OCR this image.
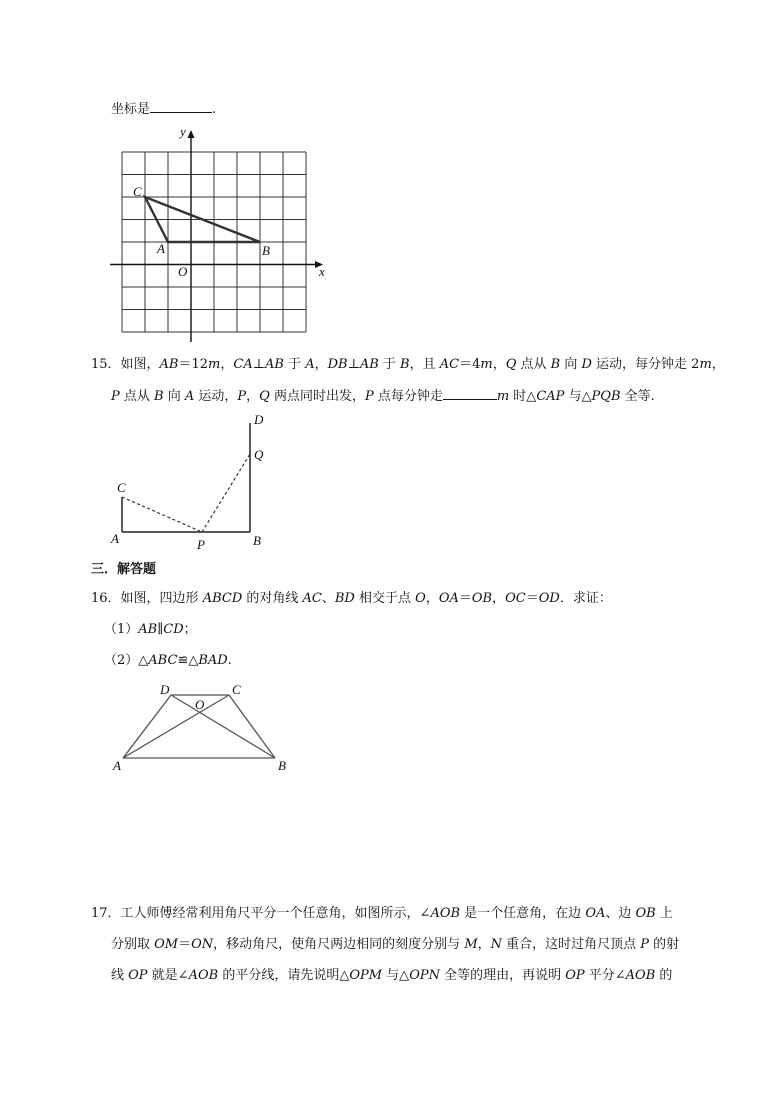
坐标是	.
y
x
O
A	B
C
15．如图，AB＝12m，CA⊥AB 于 A，DB⊥AB 于 B，且 AC＝4m，Q 点从 B 向 D 运动，每分钟走 2m，
P 点从 B 向 A 运动，P，Q 两点同时出发，P 点每分钟走	m 时△CAP 与△PQB 全等.
D
Q
C
A	P	B
三．解答题
16．如图，四边形 ABCD 的对角线 AC、BD 相交于点 O，OA＝OB，OC＝OD．求证：
（1）AB∥CD；
（2）△ABC≌△BAD.
D	C
O
A	B
17．工人师傅经常利用角尺平分一个任意角，如图所示，∠AOB 是一个任意角，在边 OA、边 OB 上
分别取 OM＝ON，移动角尺，使角尺两边相同的刻度分别与 M，N 重合，这时过角尺顶点 P 的射
线 OP 就是∠AOB 的平分线，请先说明△OPM 与△OPN 全等的理由，再说明 OP 平分∠AOB 的
